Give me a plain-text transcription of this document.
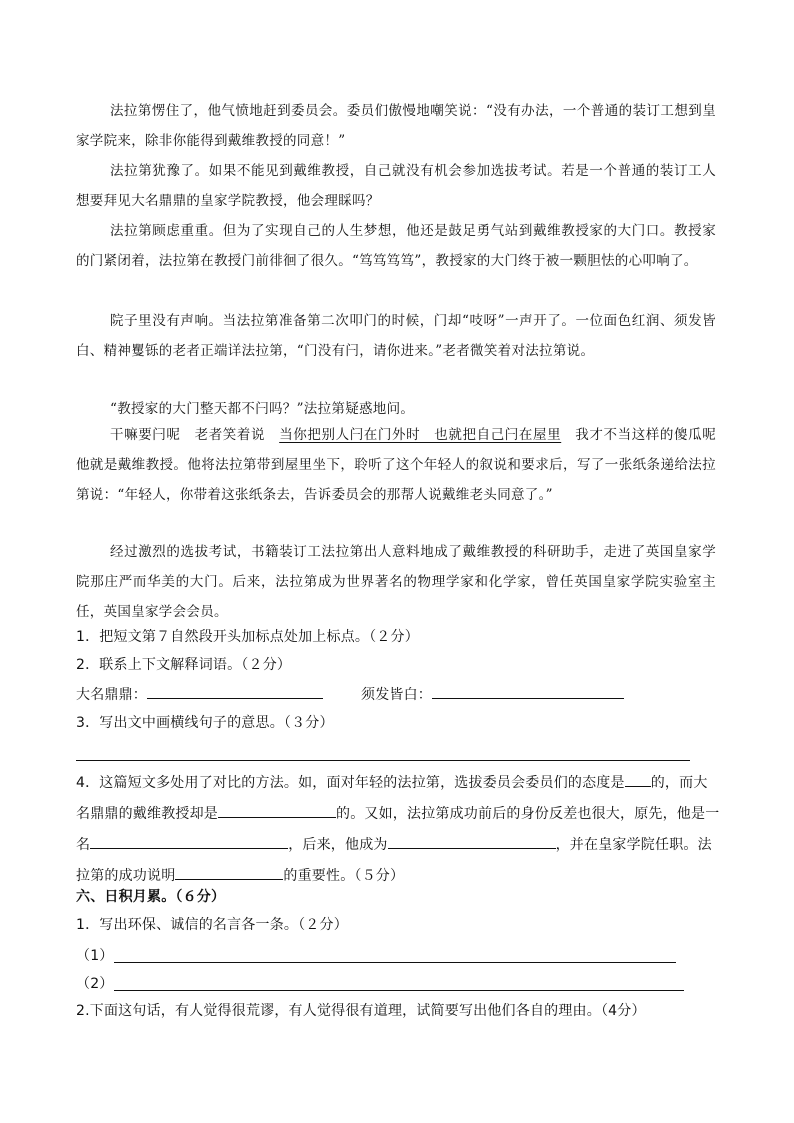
法拉第愣住了，他气愤地赶到委员会。委员们傲慢地嘲笑说：“没有办法，一个普通的装订工想到皇家学院来，除非你能得到戴维教授的同意！”

法拉第犹豫了。如果不能见到戴维教授，自己就没有机会参加选拔考试。若是一个普通的装订工人想要拜见大名鼎鼎的皇家学院教授，他会理睬吗？

法拉第顾虑重重。但为了实现自己的人生梦想，他还是鼓足勇气站到戴维教授家的大门口。教授家的门紧闭着，法拉第在教授门前徘徊了很久。“笃笃笃笃”，教授家的大门终于被一颗胆怯的心叩响了。

院子里没有声响。当法拉第准备第二次叩门的时候，门却“吱呀”一声开了。一位面色红润、须发皆白、精神矍铄的老者正端详法拉第，“门没有闩，请你进来。”老者微笑着对法拉第说。

“教授家的大门整天都不闩吗？”法拉第疑惑地问。

干嘛要闩呢　老者笑着说　当你把别人闩在门外时　也就把自己闩在屋里　我才不当这样的傻瓜呢　他就是戴维教授。他将法拉第带到屋里坐下，聆听了这个年轻人的叙说和要求后，写了一张纸条递给法拉第说：“年轻人，你带着这张纸条去，告诉委员会的那帮人说戴维老头同意了。”

经过激烈的选拔考试，书籍装订工法拉第出人意料地成了戴维教授的科研助手，走进了英国皇家学院那庄严而华美的大门。后来，法拉第成为世界著名的物理学家和化学家，曾任英国皇家学院实验室主任，英国皇家学会会员。

1．把短文第７自然段开头加标点处加上标点。（２分）

2．联系上下文解释词语。（２分）

大名鼎鼎：	须发皆白：

3．写出文中画横线句子的意思。（３分）

4．这篇短文多处用了对比的方法。如，面对年轻的法拉第，选拔委员会委员们的态度是 的，而大名鼎鼎的戴维教授却是	的。又如，法拉第成功前后的身份反差也很大，原先，他是一名	，后来，他成为	，并在皇家学院任职。法拉第的成功说明	的重要性。（５分）

六、日积月累。（６分）

1．写出环保、诚信的名言各一条。（２分）

（1）

（2）

2.下面这句话，有人觉得很荒谬，有人觉得很有道理，试简要写出他们各自的理由。（4分）
